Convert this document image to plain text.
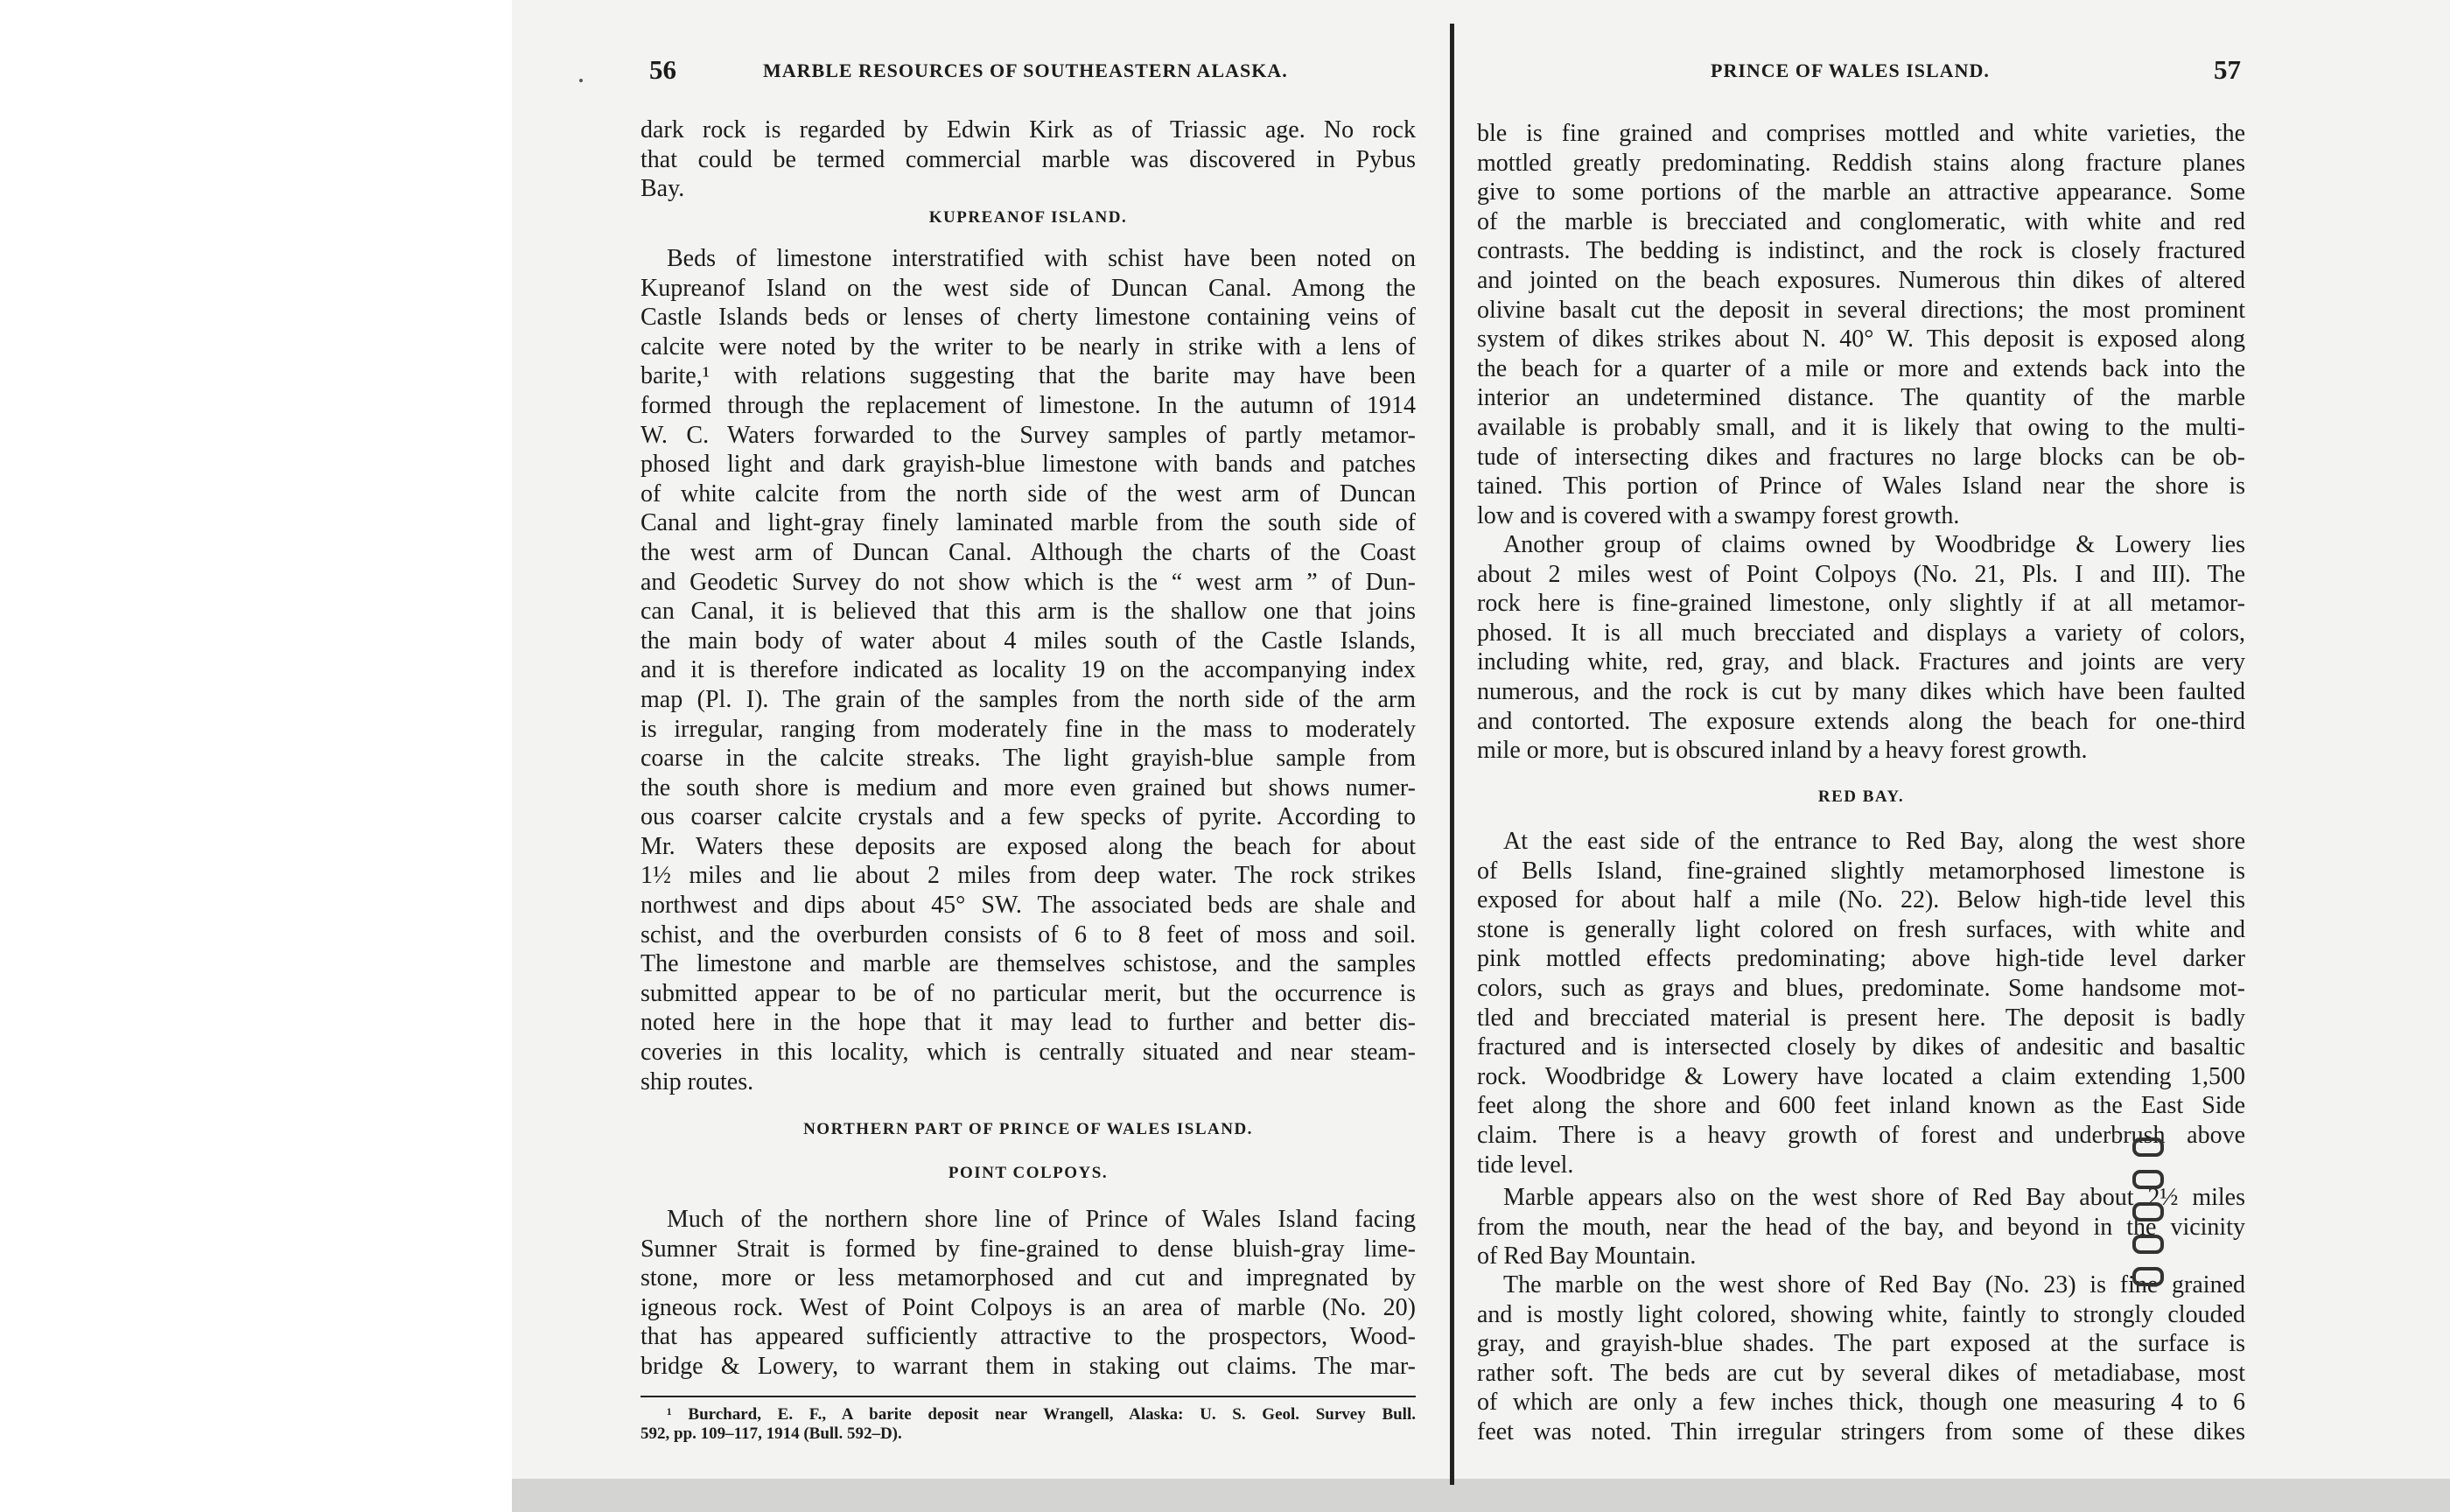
56	MARBLE RESOURCES OF SOUTHEASTERN ALASKA.	PRINCE OF WALES ISLAND.	57
dark rock is regarded by Edwin Kirk as of Triassic age. No rock
that could be termed commercial marble was discovered in Pybus
Bay.
KUPREANOF ISLAND.
Beds of limestone interstratified with schist have been noted on
Kupreanof Island on the west side of Duncan Canal. Among the
Castle Islands beds or lenses of cherty limestone containing veins of
calcite were noted by the writer to be nearly in strike with a lens of
barite,¹ with relations suggesting that the barite may have been
formed through the replacement of limestone. In the autumn of 1914
W. C. Waters forwarded to the Survey samples of partly metamor-
phosed light and dark grayish-blue limestone with bands and patches
of white calcite from the north side of the west arm of Duncan
Canal and light-gray finely laminated marble from the south side of
the west arm of Duncan Canal. Although the charts of the Coast
and Geodetic Survey do not show which is the “ west arm ” of Dun-
can Canal, it is believed that this arm is the shallow one that joins
the main body of water about 4 miles south of the Castle Islands,
and it is therefore indicated as locality 19 on the accompanying index
map (Pl. I). The grain of the samples from the north side of the arm
is irregular, ranging from moderately fine in the mass to moderately
coarse in the calcite streaks. The light grayish-blue sample from
the south shore is medium and more even grained but shows numer-
ous coarser calcite crystals and a few specks of pyrite. According to
Mr. Waters these deposits are exposed along the beach for about
1½ miles and lie about 2 miles from deep water. The rock strikes
northwest and dips about 45° SW. The associated beds are shale and
schist, and the overburden consists of 6 to 8 feet of moss and soil.
The limestone and marble are themselves schistose, and the samples
submitted appear to be of no particular merit, but the occurrence is
noted here in the hope that it may lead to further and better dis-
coveries in this locality, which is centrally situated and near steam-
ship routes.
NORTHERN PART OF PRINCE OF WALES ISLAND.
POINT COLPOYS.
Much of the northern shore line of Prince of Wales Island facing
Sumner Strait is formed by fine-grained to dense bluish-gray lime-
stone, more or less metamorphosed and cut and impregnated by
igneous rock. West of Point Colpoys is an area of marble (No. 20)
that has appeared sufficiently attractive to the prospectors, Wood-
bridge & Lowery, to warrant them in staking out claims. The mar-
ble is fine grained and comprises mottled and white varieties, the
mottled greatly predominating. Reddish stains along fracture planes
give to some portions of the marble an attractive appearance. Some
of the marble is brecciated and conglomeratic, with white and red
contrasts. The bedding is indistinct, and the rock is closely fractured
and jointed on the beach exposures. Numerous thin dikes of altered
olivine basalt cut the deposit in several directions; the most prominent
system of dikes strikes about N. 40° W. This deposit is exposed along
the beach for a quarter of a mile or more and extends back into the
interior an undetermined distance. The quantity of the marble
available is probably small, and it is likely that owing to the multi-
tude of intersecting dikes and fractures no large blocks can be ob-
tained. This portion of Prince of Wales Island near the shore is
low and is covered with a swampy forest growth.
Another group of claims owned by Woodbridge & Lowery lies
about 2 miles west of Point Colpoys (No. 21, Pls. I and III). The
rock here is fine-grained limestone, only slightly if at all metamor-
phosed. It is all much brecciated and displays a variety of colors,
including white, red, gray, and black. Fractures and joints are very
numerous, and the rock is cut by many dikes which have been faulted
and contorted. The exposure extends along the beach for one-third
mile or more, but is obscured inland by a heavy forest growth.
RED BAY.
At the east side of the entrance to Red Bay, along the west shore
of Bells Island, fine-grained slightly metamorphosed limestone is
exposed for about half a mile (No. 22). Below high-tide level this
stone is generally light colored on fresh surfaces, with white and
pink mottled effects predominating; above high-tide level darker
colors, such as grays and blues, predominate. Some handsome mot-
tled and brecciated material is present here. The deposit is badly
fractured and is intersected closely by dikes of andesitic and basaltic
rock. Woodbridge & Lowery have located a claim extending 1,500
feet along the shore and 600 feet inland known as the East Side
claim. There is a heavy growth of forest and underbrush above
tide level.
Marble appears also on the west shore of Red Bay about 2½ miles
from the mouth, near the head of the bay, and beyond in the vicinity
of Red Bay Mountain.
The marble on the west shore of Red Bay (No. 23) is fine grained
and is mostly light colored, showing white, faintly to strongly clouded
gray, and grayish-blue shades. The part exposed at the surface is
rather soft. The beds are cut by several dikes of metadiabase, most
of which are only a few inches thick, though one measuring 4 to 6
feet was noted. Thin irregular stringers from some of these dikes
¹ Burchard, E. F., A barite deposit near Wrangell, Alaska: U. S. Geol. Survey Bull.
592, pp. 109–117, 1914 (Bull. 592–D).
